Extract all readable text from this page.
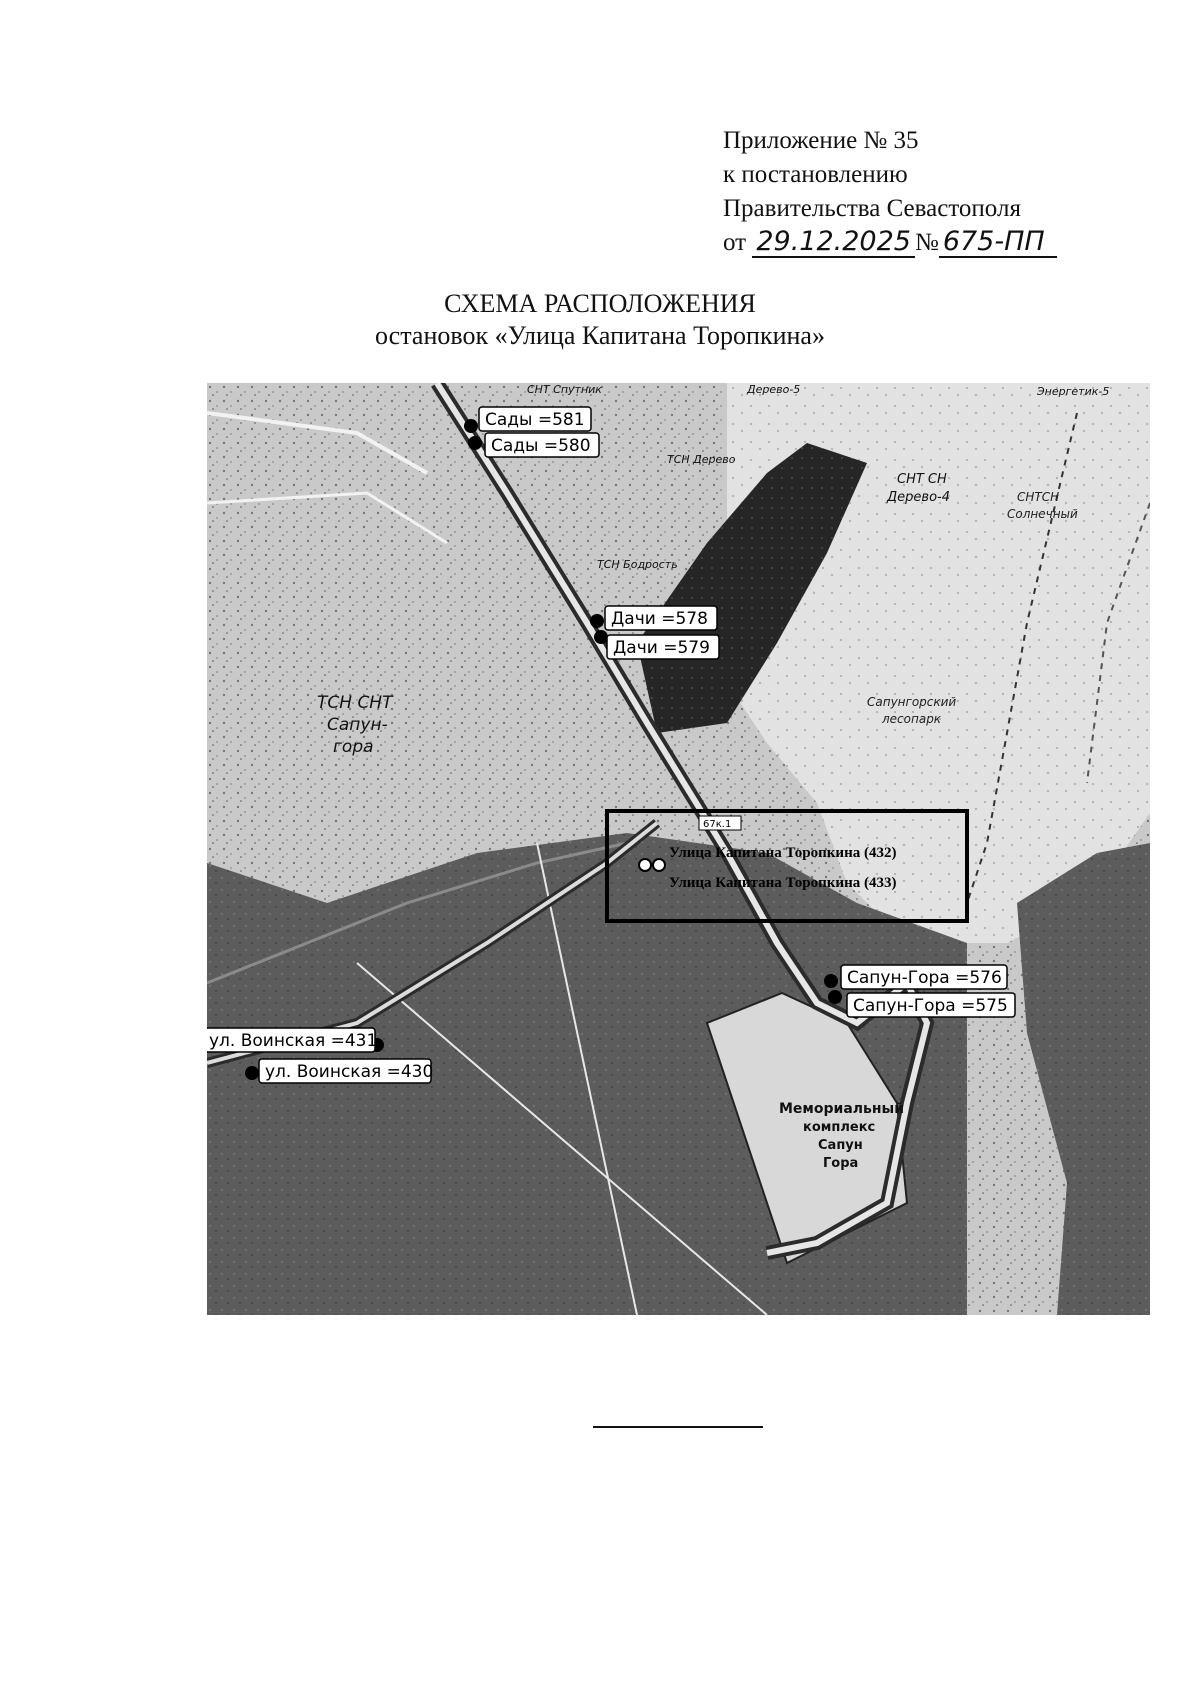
Приложение № 35
к постановлению
Правительства Севастополя
от 29.12.2025 № 675-ПП
СХЕМА РАСПОЛОЖЕНИЯ
остановок «Улица Капитана Торопкина»
СНТ Спутник	Дерево-5	Энергетик-5
ТСН Дерево
СНТ СН
Дерево-4	СНТСН
Солнечный
ТСН Бодрость
ТСН СНТ
Сапун-
гора
Сапунгорский
лесопарк
Мемориальный
комплекс
Сапун
Гора
67к.1
Улица Капитана Торопкина (432)
Улица Капитана Торопкина (433)
Сады =581
Сады =580
Дачи =578
Дачи =579
Сапун-Гора =576
Сапун-Гора =575
ул. Воинская =431
ул. Воинская =430
